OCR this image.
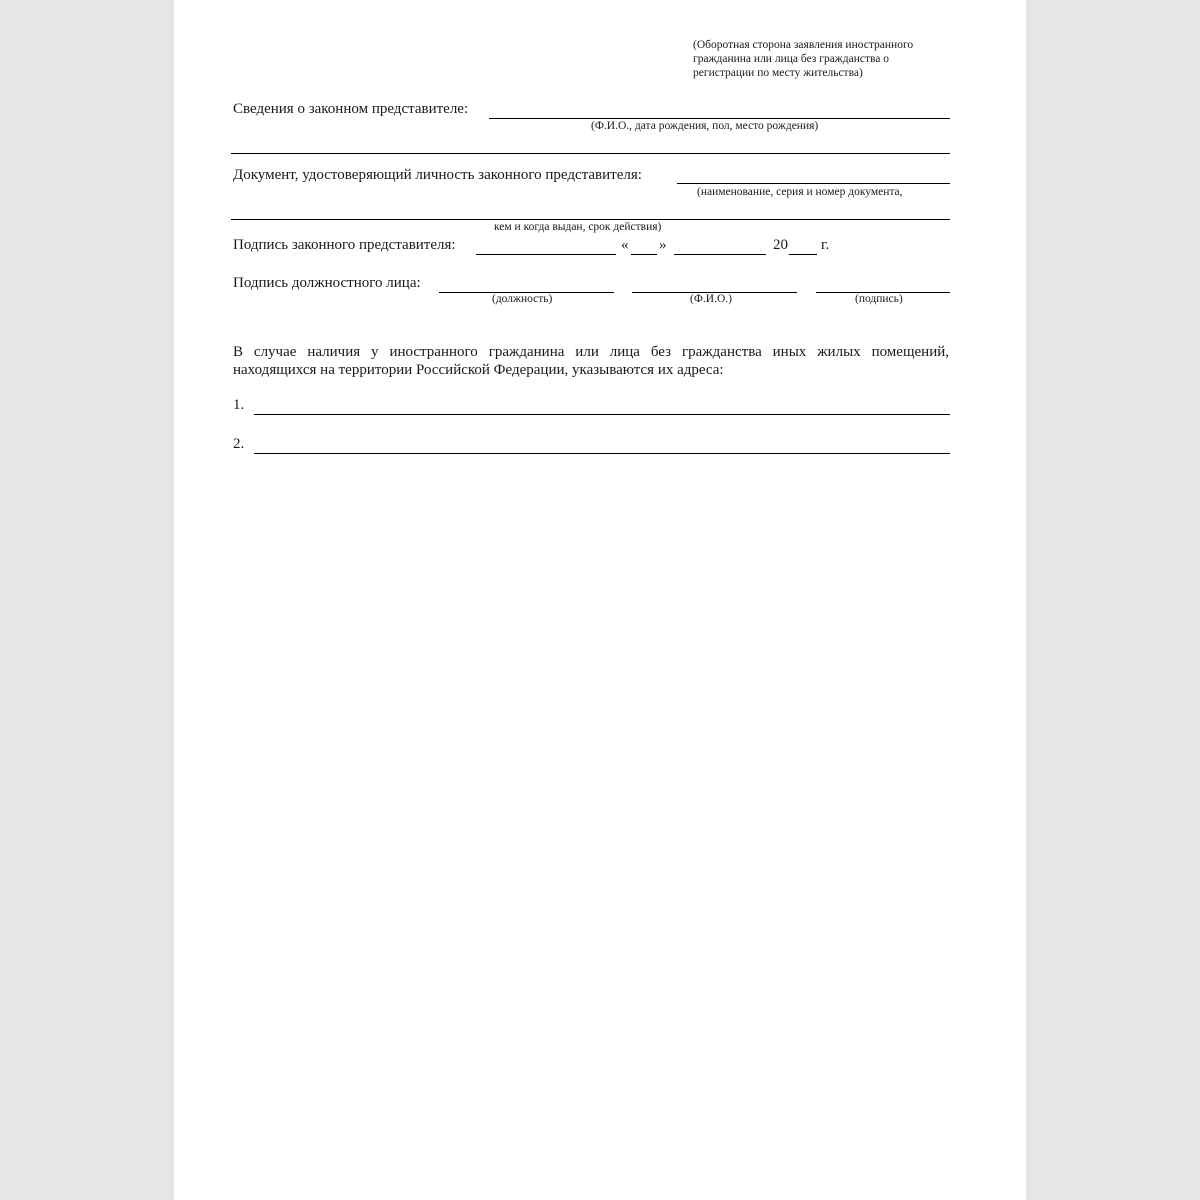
(Оборотная сторона заявления иностранного
гражданина или лица без гражданства о
регистрации по месту жительства)
Сведения о законном представителе:
(Ф.И.О., дата рождения, пол, место рождения)
Документ, удостоверяющий личность законного представителя:
(наименование, серия и номер документа,
кем и когда выдан, срок действия)
Подпись законного представителя:	« »	20 г.
Подпись должностного лица:
(должность)	(Ф.И.О.)	(подпись)
В случае наличия у иностранного гражданина или лица без гражданства иных жилых помещений,
находящихся на территории Российской Федерации, указываются их адреса:
1.
2.
